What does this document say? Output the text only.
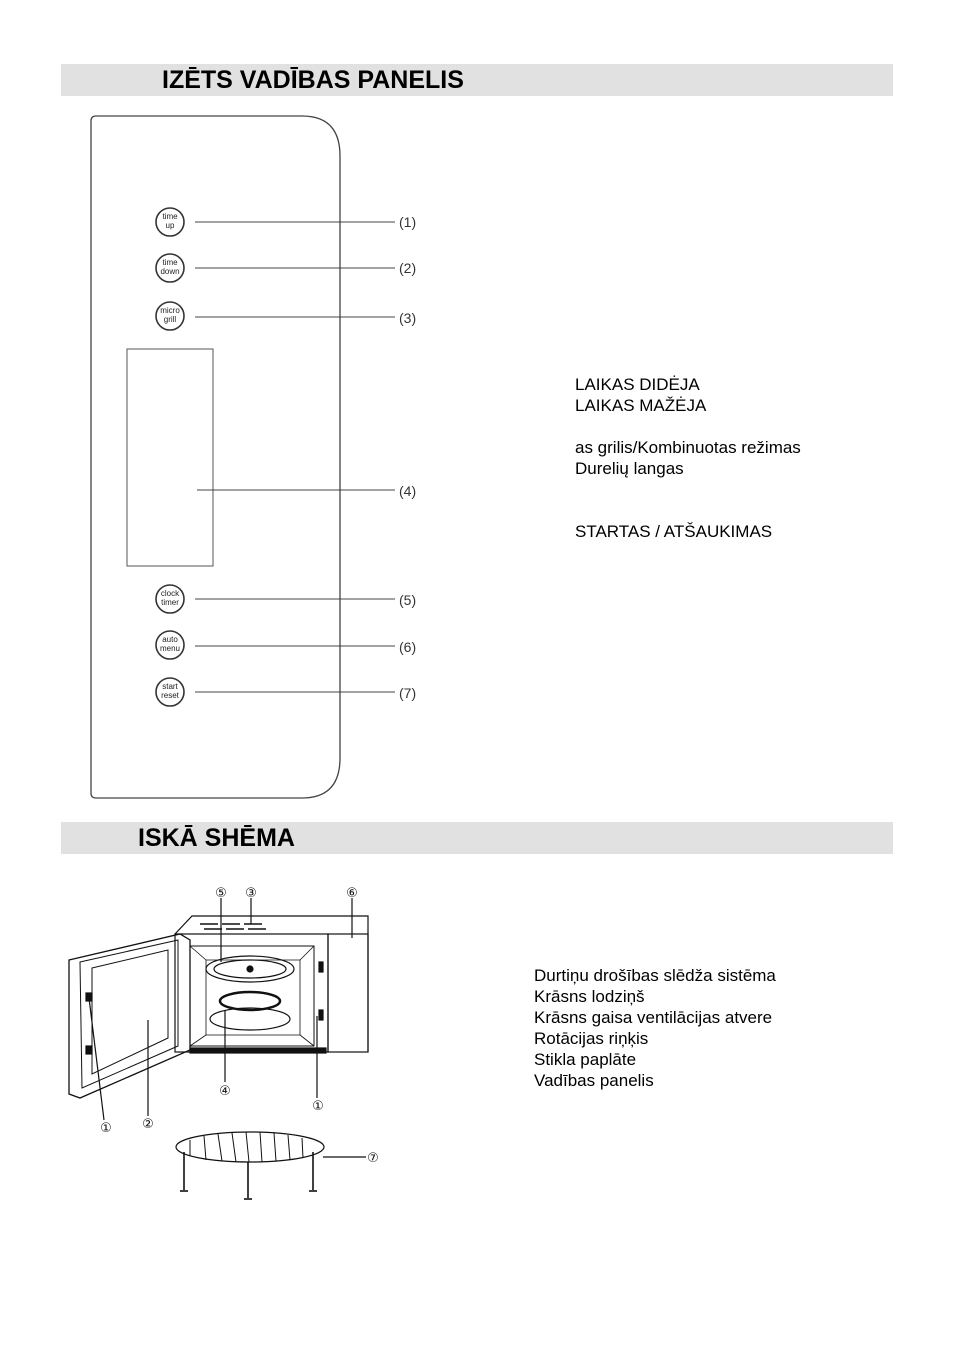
IZĒTS VADĪBAS PANELIS
time
up	(1)
time
down	(2)
micro
grill	(3)
(4)
clock
timer	(5)
auto
menu	(6)
start
reset	(7)
LAIKAS DIDĖJA
LAIKAS MAŽĖJA
as grilis/Kombinuotas režimas
Durelių langas
STARTAS / ATŠAUKIMAS
ISKĀ SHĒMA
⑤ ③	⑥
④
①
②
①
⑦
Durtiņu drošības slēdža sistēma
Krāsns lodziņš
Krāsns gaisa ventilācijas atvere
Rotācijas riņķis
Stikla paplāte
Vadības panelis
